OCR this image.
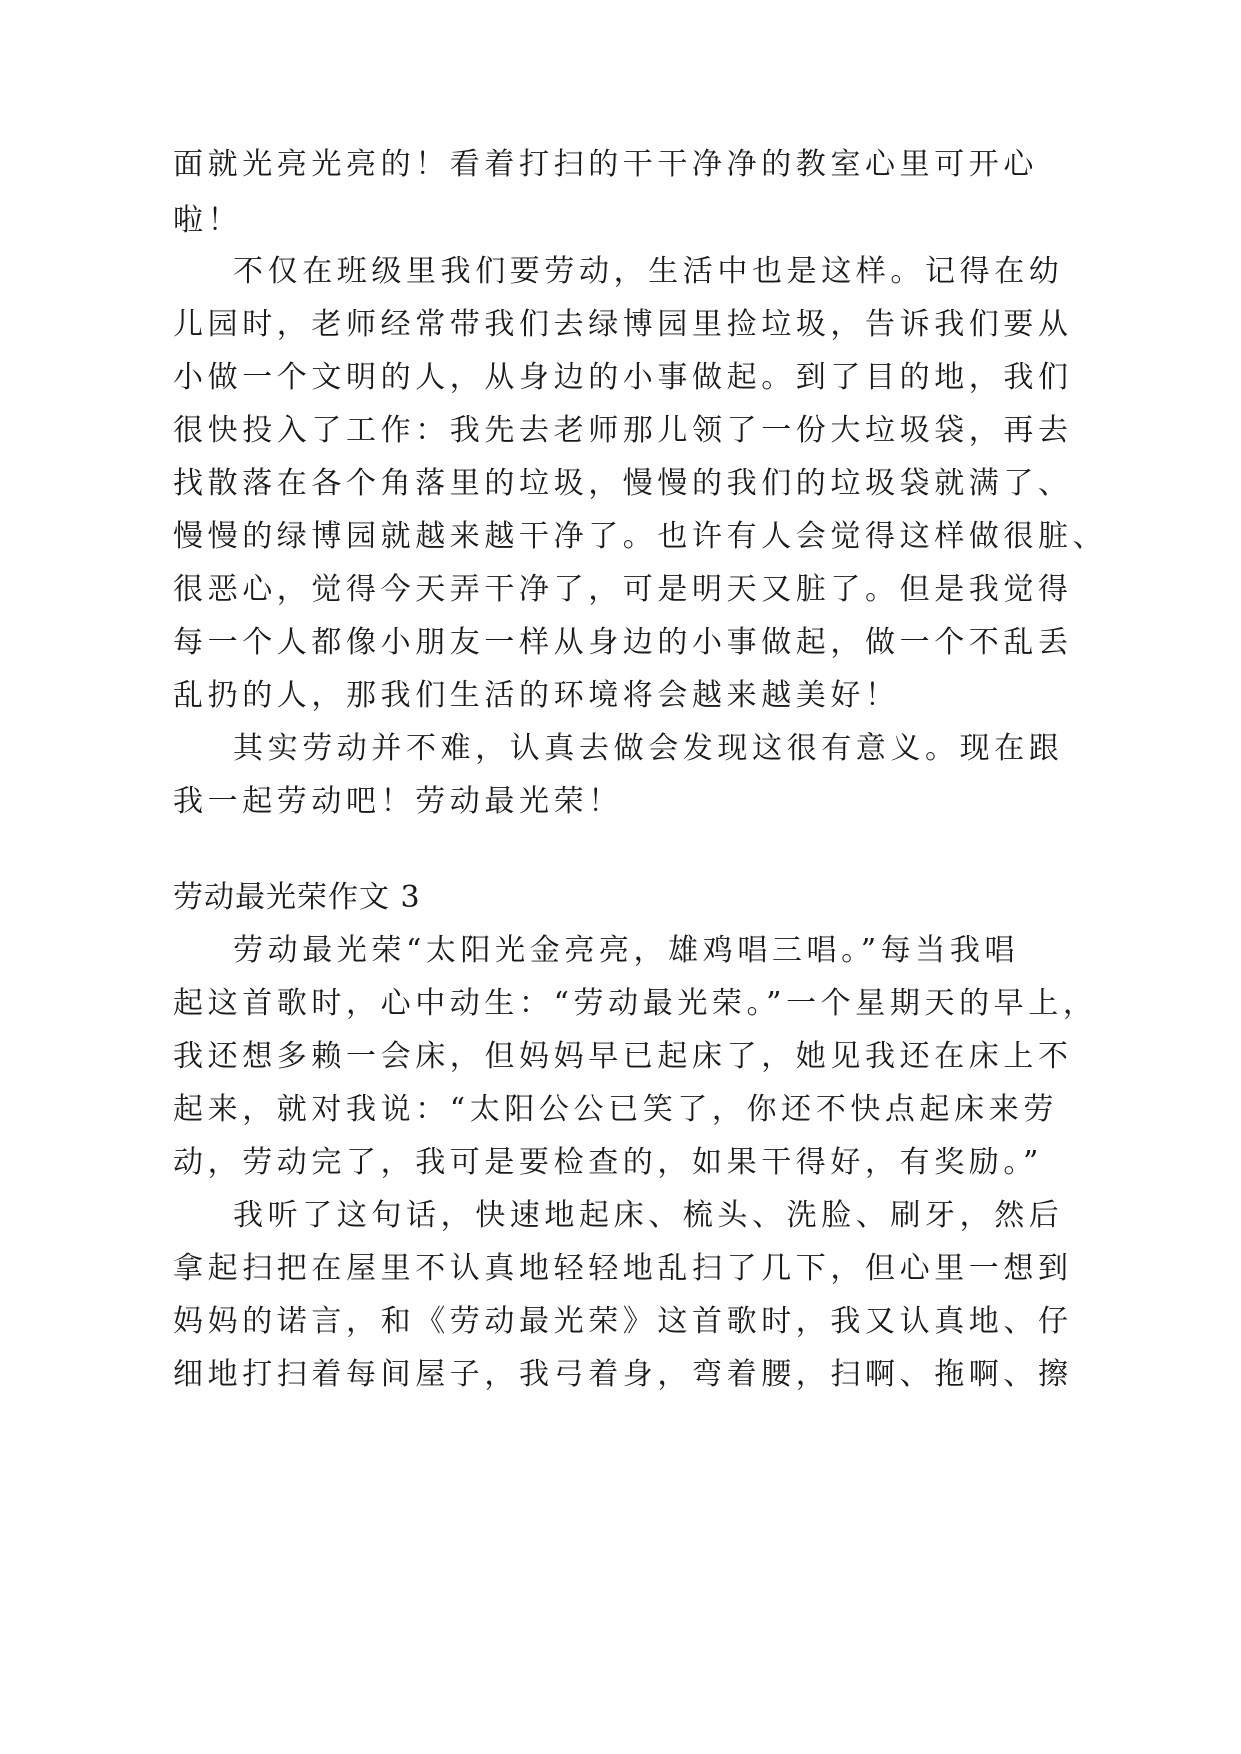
面就光亮光亮的！看着打扫的干干净净的教室心里可开心
啦！
不仅在班级里我们要劳动，生活中也是这样。记得在幼
儿园时，老师经常带我们去绿博园里捡垃圾，告诉我们要从
小做一个文明的人，从身边的小事做起。到了目的地，我们
很快投入了工作：我先去老师那儿领了一份大垃圾袋，再去
找散落在各个角落里的垃圾，慢慢的我们的垃圾袋就满了、
慢慢的绿博园就越来越干净了。也许有人会觉得这样做很脏、
很恶心，觉得今天弄干净了，可是明天又脏了。但是我觉得
每一个人都像小朋友一样从身边的小事做起，做一个不乱丢
乱扔的人，那我们生活的环境将会越来越美好！
其实劳动并不难，认真去做会发现这很有意义。现在跟
我一起劳动吧！劳动最光荣！
劳动最光荣作文 3
劳动最光荣“太阳光金亮亮，雄鸡唱三唱。”每当我唱
起这首歌时，心中动生：“劳动最光荣。”一个星期天的早上，
我还想多赖一会床，但妈妈早已起床了，她见我还在床上不
起来，就对我说：“太阳公公已笑了，你还不快点起床来劳
动，劳动完了，我可是要检查的，如果干得好，有奖励。”
我听了这句话，快速地起床、梳头、洗脸、刷牙，然后
拿起扫把在屋里不认真地轻轻地乱扫了几下，但心里一想到
妈妈的诺言，和《劳动最光荣》这首歌时，我又认真地、仔
细地打扫着每间屋子，我弓着身，弯着腰，扫啊、拖啊、擦
